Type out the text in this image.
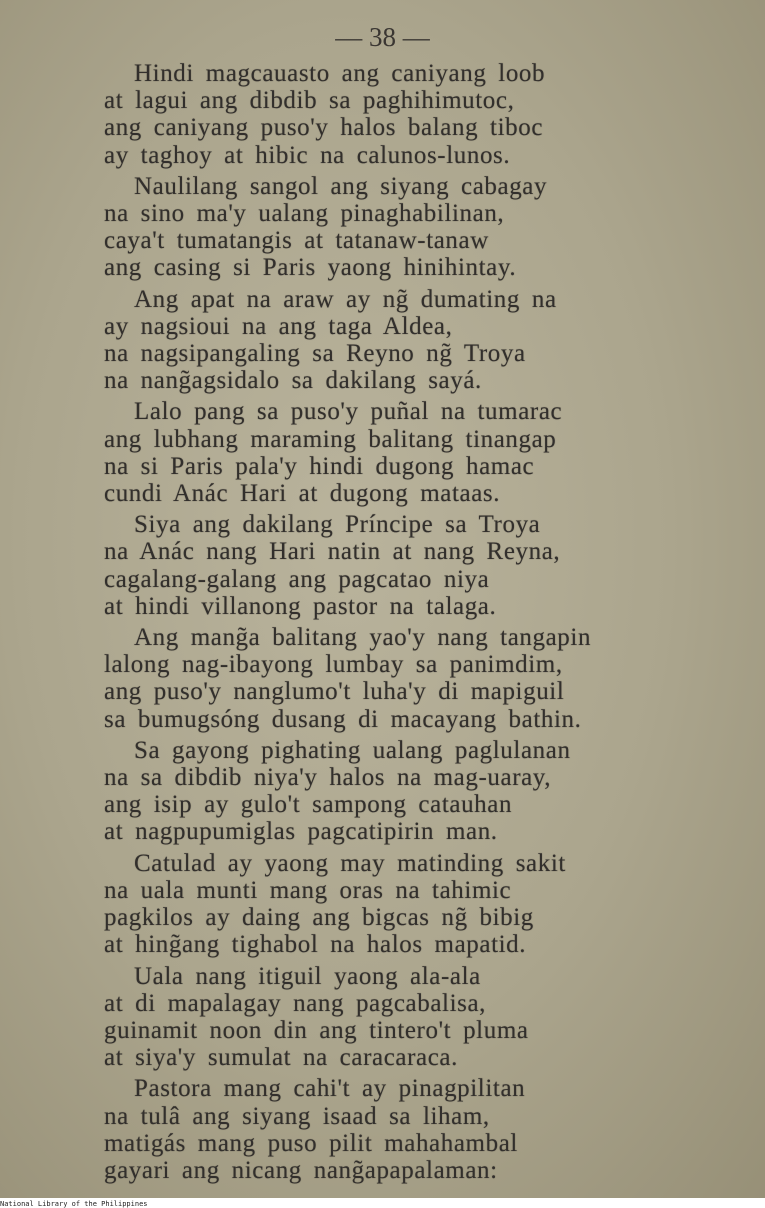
— 38 —
Hindi magcauasto ang caniyang loob
at lagui ang dibdib sa paghihimutoc,
ang caniyang puso'y halos balang tiboc
ay taghoy at hibic na calunos-lunos.
Naulilang sangol ang siyang cabagay
na sino ma'y ualang pinaghabilinan,
caya't tumatangis at tatanaw-tanaw
ang casing si Paris yaong hinihintay.
Ang apat na araw ay ng̃ dumating na
ay nagsioui na ang taga Aldea,
na nagsipangaling sa Reyno ng̃ Troya
na nang̃agsidalo sa dakilang sayá.
Lalo pang sa puso'y puñal na tumarac
ang lubhang maraming balitang tinangap
na si Paris pala'y hindi dugong hamac
cundi Anác Hari at dugong mataas.
Siya ang dakilang Príncipe sa Troya
na Anác nang Hari natin at nang Reyna,
cagalang-galang ang pagcatao niya
at hindi villanong pastor na talaga.
Ang mang̃a balitang yao'y nang tangapin
lalong nag-ibayong lumbay sa panimdim,
ang puso'y nanglumo't luha'y di mapiguil
sa bumugsóng dusang di macayang bathin.
Sa gayong pighating ualang paglulanan
na sa dibdib niya'y halos na mag-uaray,
ang isip ay gulo't sampong catauhan
at nagpupumiglas pagcatipirin man.
Catulad ay yaong may matinding sakit
na uala munti mang oras na tahimic
pagkilos ay daing ang bigcas ng̃ bibig
at hing̃ang tighabol na halos mapatid.
Uala nang itiguil yaong ala-ala
at di mapalagay nang pagcabalisa,
guinamit noon din ang tintero't pluma
at siya'y sumulat na caracaraca.
Pastora mang cahi't ay pinagpilitan
na tulâ ang siyang isaad sa liham,
matigás mang puso pilit mahahambal
gayari ang nicang nang̃apapalaman:
National Library of the Philippines
